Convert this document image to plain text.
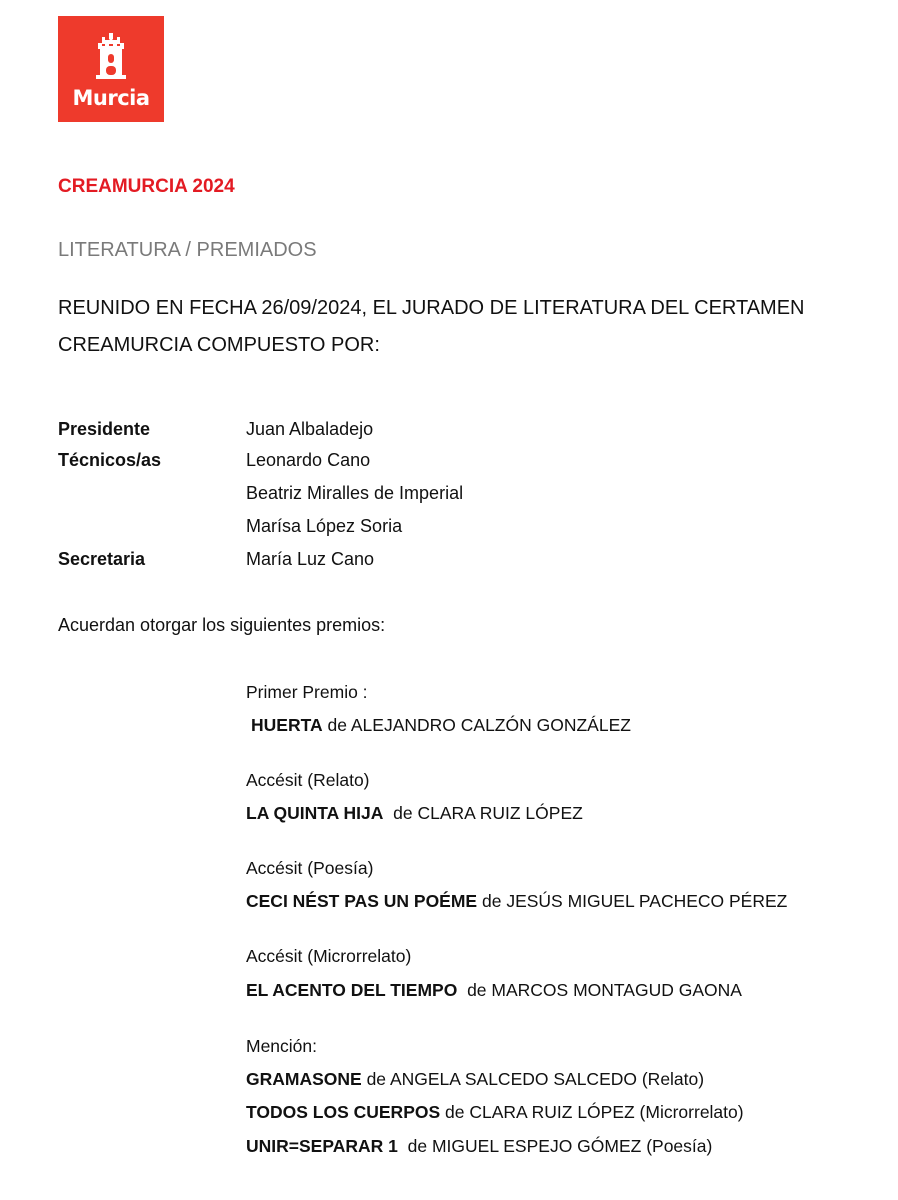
Murcia
CREAMURCIA 2024
LITERATURA / PREMIADOS
REUNIDO EN FECHA 26/09/2024, EL JURADO DE LITERATURA DEL CERTAMEN
CREAMURCIA COMPUESTO POR:
Presidente	Juan Albaladejo
Técnicos/as	Leonardo Cano
Beatriz Miralles de Imperial
Marísa López Soria
Secretaria	María Luz Cano
Acuerdan otorgar los siguientes premios:
Primer Premio :
HUERTA de ALEJANDRO CALZÓN GONZÁLEZ
Accésit (Relato)
LA QUINTA HIJA de CLARA RUIZ LÓPEZ
Accésit (Poesía)
CECI NÉST PAS UN POÉME de JESÚS MIGUEL PACHECO PÉREZ
Accésit (Microrrelato)
EL ACENTO DEL TIEMPO de MARCOS MONTAGUD GAONA
Mención:
GRAMASONE de ANGELA SALCEDO SALCEDO (Relato)
TODOS LOS CUERPOS de CLARA RUIZ LÓPEZ (Microrrelato)
UNIR=SEPARAR 1 de MIGUEL ESPEJO GÓMEZ (Poesía)
